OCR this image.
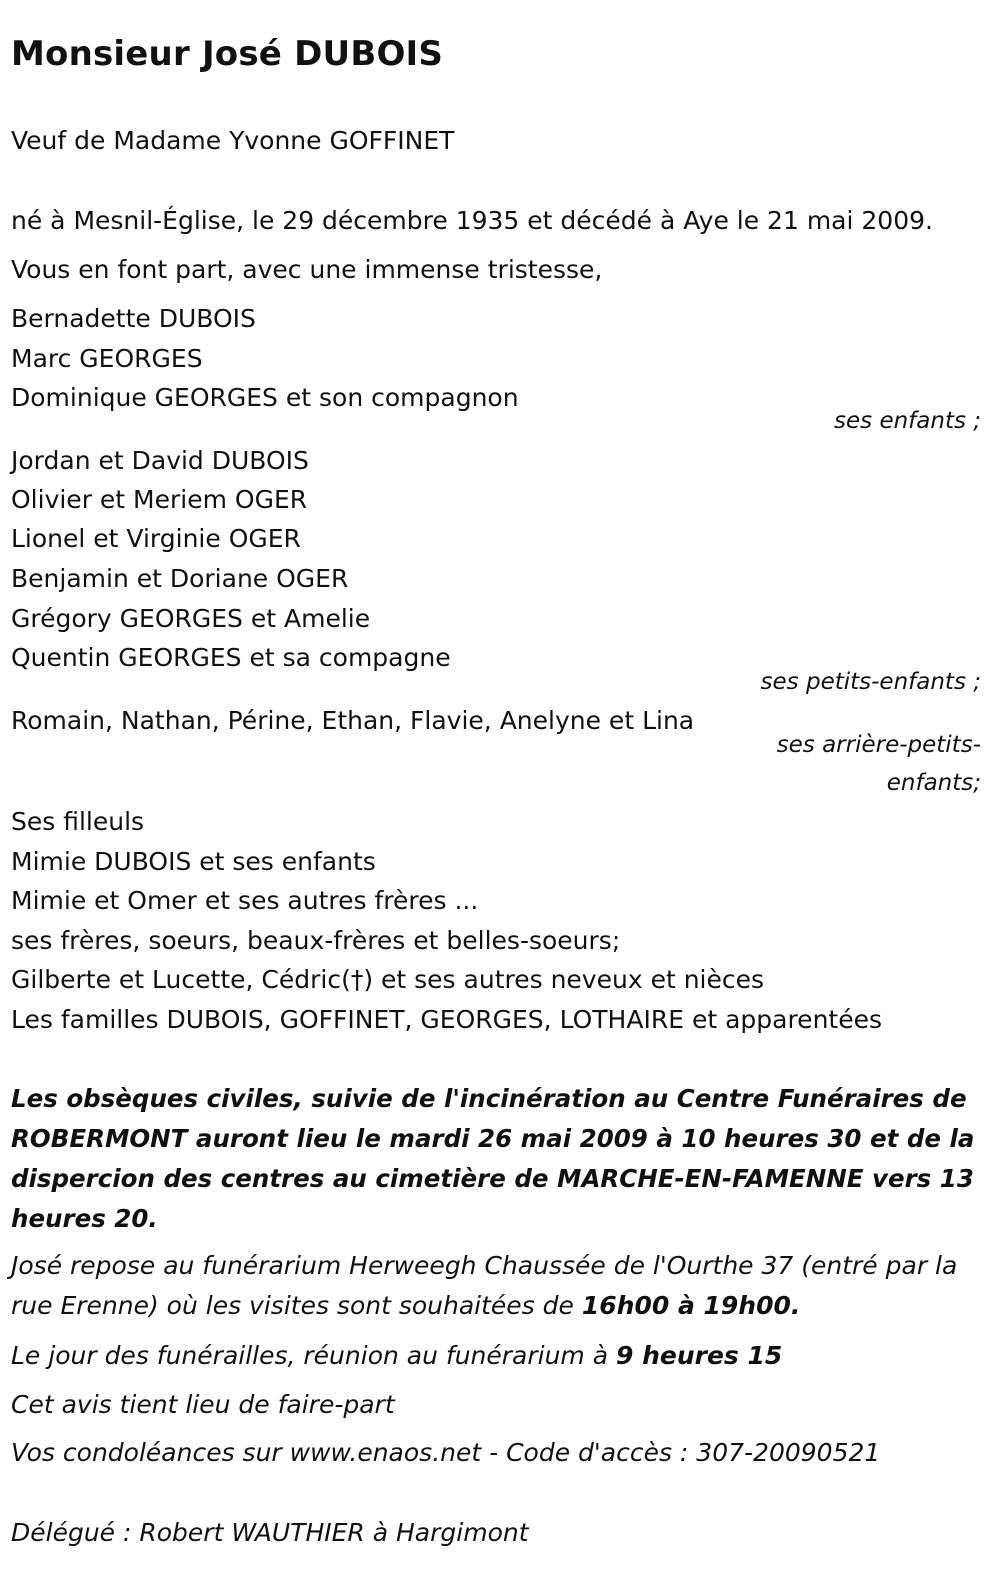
Monsieur José DUBOIS
Veuf de Madame Yvonne GOFFINET
né à Mesnil-Église, le 29 décembre 1935 et décédé à Aye le 21 mai 2009.
Vous en font part, avec une immense tristesse,
Bernadette DUBOIS
Marc GEORGES
Dominique GEORGES et son compagnon
ses enfants ;
Jordan et David DUBOIS
Olivier et Meriem OGER
Lionel et Virginie OGER
Benjamin et Doriane OGER
Grégory GEORGES et Amelie
Quentin GEORGES et sa compagne
ses petits-enfants ;
Romain, Nathan, Périne, Ethan, Flavie, Anelyne et Lina
ses arrière-petits-
enfants;
Ses filleuls
Mimie DUBOIS et ses enfants
Mimie et Omer et ses autres frères ...
ses frères, soeurs, beaux-frères et belles-soeurs;
Gilberte et Lucette, Cédric(†) et ses autres neveux et nièces
Les familles DUBOIS, GOFFINET, GEORGES, LOTHAIRE et apparentées
Les obsèques civiles, suivie de l'incinération au Centre Funéraires de ROBERMONT auront lieu le mardi 26 mai 2009 à 10 heures 30 et de la dispercion des centres au cimetière de MARCHE-EN-FAMENNE vers 13 heures 20.
José repose au funérarium Herweegh Chaussée de l'Ourthe 37 (entré par la rue Erenne) où les visites sont souhaitées de 16h00 à 19h00.
Le jour des funérailles, réunion au funérarium à 9 heures 15
Cet avis tient lieu de faire-part
Vos condoléances sur www.enaos.net - Code d'accès : 307-20090521
Délégué : Robert WAUTHIER à Hargimont
